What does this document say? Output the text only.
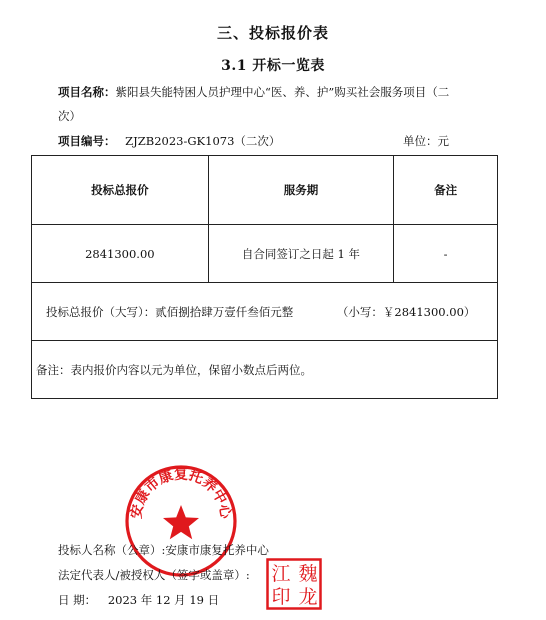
三、投标报价表
3.1 开标一览表
项目名称：紫阳县失能特困人员护理中心“医、养、护”购买社会服务项目（二
次）
项目编号： ZJZB2023-GK1073（二次）	单位：元
投标总报价	服务期	备注
2841300.00	自合同签订之日起 1 年	-
投标总报价（大写）：贰佰捌拾肆万壹仟叁佰元整 （小写：￥2841300.00）		
备注：表内报价内容以元为单位，保留小数点后两位。		
安康市康复托养中心
魏
龙
江
印
投标人名称（公章）:安康市康复托养中心
法定代表人/被授权人（签字或盖章）:
日 期： 2023 年 12 月 19 日
